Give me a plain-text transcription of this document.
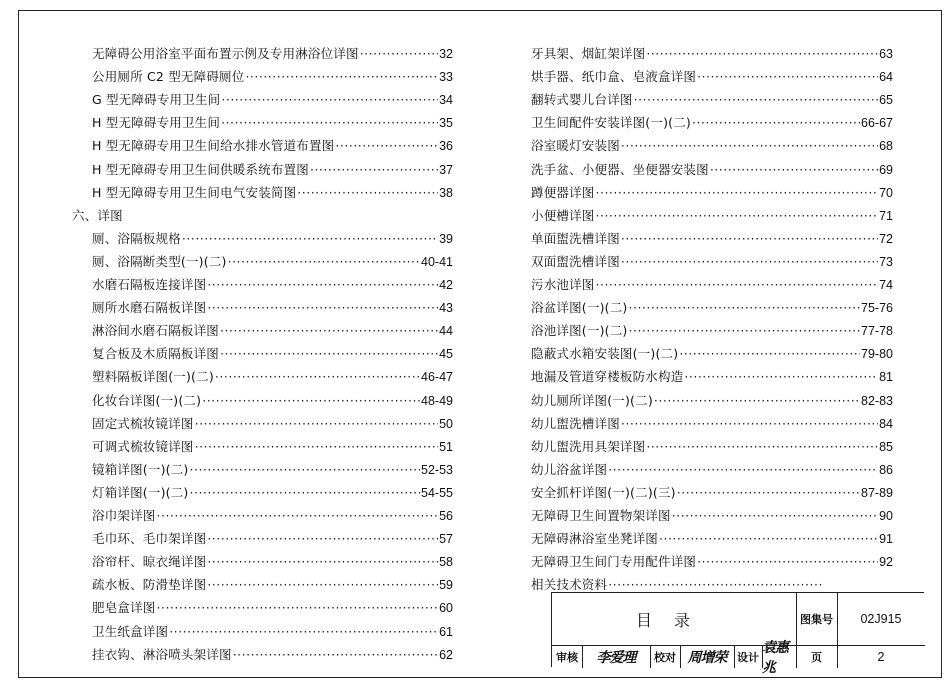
无障碍公用浴室平面布置示例及专用淋浴位详图 ·····	32
公用厕所 C2 型无障碍厕位 ·····	33
G 型无障碍专用卫生间 ·····	34
H 型无障碍专用卫生间 ·····	35
H 型无障碍专用卫生间给水排水管道布置图 ·····	36
H 型无障碍专用卫生间供暖系统布置图 ·····	37
H 型无障碍专用卫生间电气安装简图 ·····	38
六、详图
厕、浴隔板规格 ·····	39
厕、浴隔断类型(一)(二) ·····	40-41
水磨石隔板连接详图 ·····	42
厕所水磨石隔板详图 ·····	43
淋浴间水磨石隔板详图 ·····	44
复合板及木质隔板详图 ·····	45
塑料隔板详图(一)(二) ·····	46-47
化妆台详图(一)(二) ·····	48-49
固定式梳妆镜详图 ·····	50
可调式梳妆镜详图 ·····	51
镜箱详图(一)(二) ·····	52-53
灯箱详图(一)(二) ·····	54-55
浴巾架详图 ·····	56
毛巾环、毛巾架详图 ·····	57
浴帘杆、晾衣绳详图 ·····	58
疏水板、防滑垫详图 ·····	59
肥皂盒详图 ·····	60
卫生纸盒详图 ·····	61
挂衣钩、淋浴喷头架详图 ·····	62
牙具架、烟缸架详图 ·····	63
烘手器、纸巾盒、皂液盒详图 ·····	64
翻转式婴儿台详图 ·····	65
卫生间配件安装详图(一)(二) ·····	66-67
浴室暖灯安装图 ·····	68
洗手盆、小便器、坐便器安装图 ·····	69
蹲便器详图 ·····	70
小便槽详图 ·····	71
单面盥洗槽详图 ·····	72
双面盥洗槽详图 ·····	73
污水池详图 ·····	74
浴盆详图(一)(二) ·····	75-76
浴池详图(一)(二) ·····	77-78
隐蔽式水箱安装图(一)(二) ·····	79-80
地漏及管道穿楼板防水构造 ·····	81
幼儿厕所详图(一)(二) ·····	82-83
幼儿盥洗槽详图 ·····	84
幼儿盥洗用具架详图 ·····	85
幼儿浴盆详图 ·····	86
安全抓杆详图(一)(二)(三) ·····	87-89
无障碍卫生间置物架详图 ·····	90
无障碍淋浴室坐凳详图 ·····	91
无障碍卫生间门专用配件详图 ·····	92
相关技术资料
·····
目录	图集号	02J915
审核	李爱理	校对 周增荣 设计
袁惠兆
页	2
